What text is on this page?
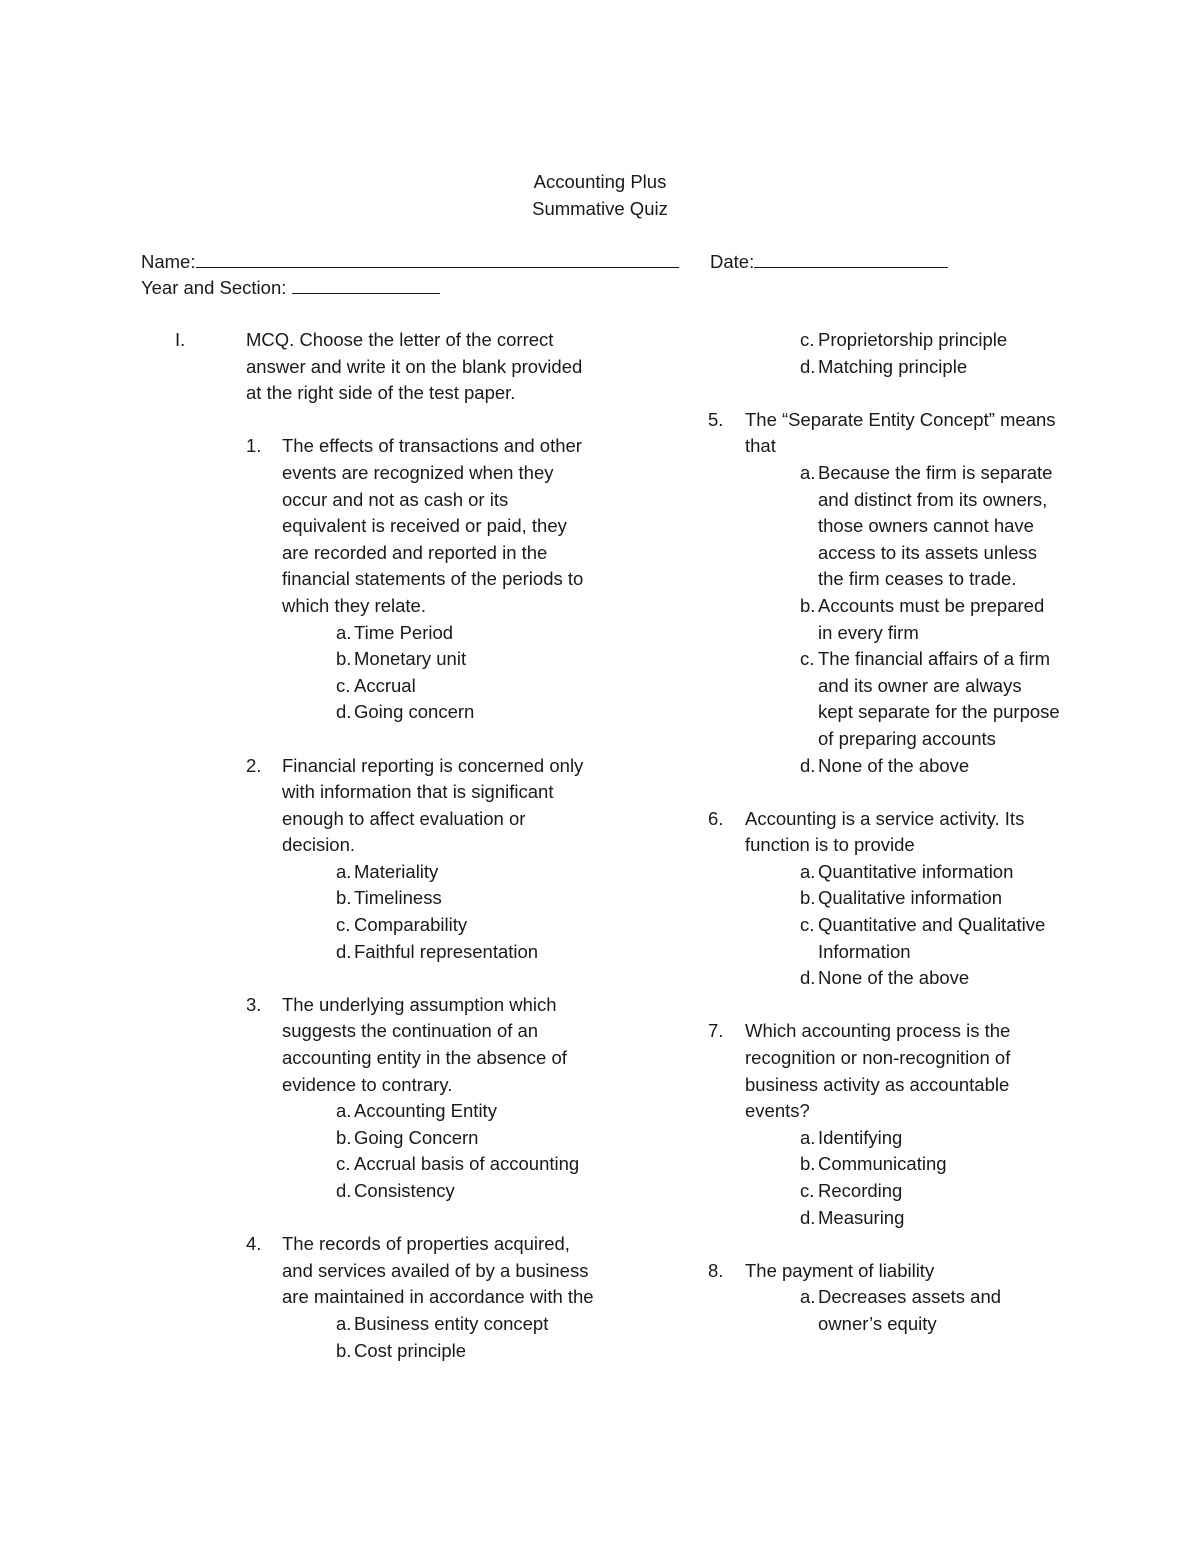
Accounting Plus
Summative Quiz
Name:	Date:
Year and Section:
I.	MCQ. Choose the letter of the correct answer and write it on the blank provided at the right side of the test paper.
1. The effects of transactions and other events are recognized when they occur and not as cash or its equivalent is received or paid, they are recorded and reported in the financial statements of the periods to which they relate.
a. Time Period
b. Monetary unit
c. Accrual
d. Going concern
2. Financial reporting is concerned only with information that is significant enough to affect evaluation or decision.
a. Materiality
b. Timeliness
c. Comparability
d. Faithful representation
3. The underlying assumption which suggests the continuation of an accounting entity in the absence of evidence to contrary.
a. Accounting Entity
b. Going Concern
c. Accrual basis of accounting
d. Consistency
4. The records of properties acquired, and services availed of by a business are maintained in accordance with the
a. Business entity concept
b. Cost principle
c. Proprietorship principle
d. Matching principle
5. The “Separate Entity Concept” means that
a. Because the firm is separate and distinct from its owners, those owners cannot have access to its assets unless the firm ceases to trade.
b. Accounts must be prepared in every firm
c. The financial affairs of a firm and its owner are always kept separate for the purpose of preparing accounts
d. None of the above
6. Accounting is a service activity. Its function is to provide
a. Quantitative information
b. Qualitative information
c. Quantitative and Qualitative Information
d. None of the above
7. Which accounting process is the recognition or non-recognition of business activity as accountable events?
a. Identifying
b. Communicating
c. Recording
d. Measuring
8. The payment of liability
a. Decreases assets and owner’s equity
